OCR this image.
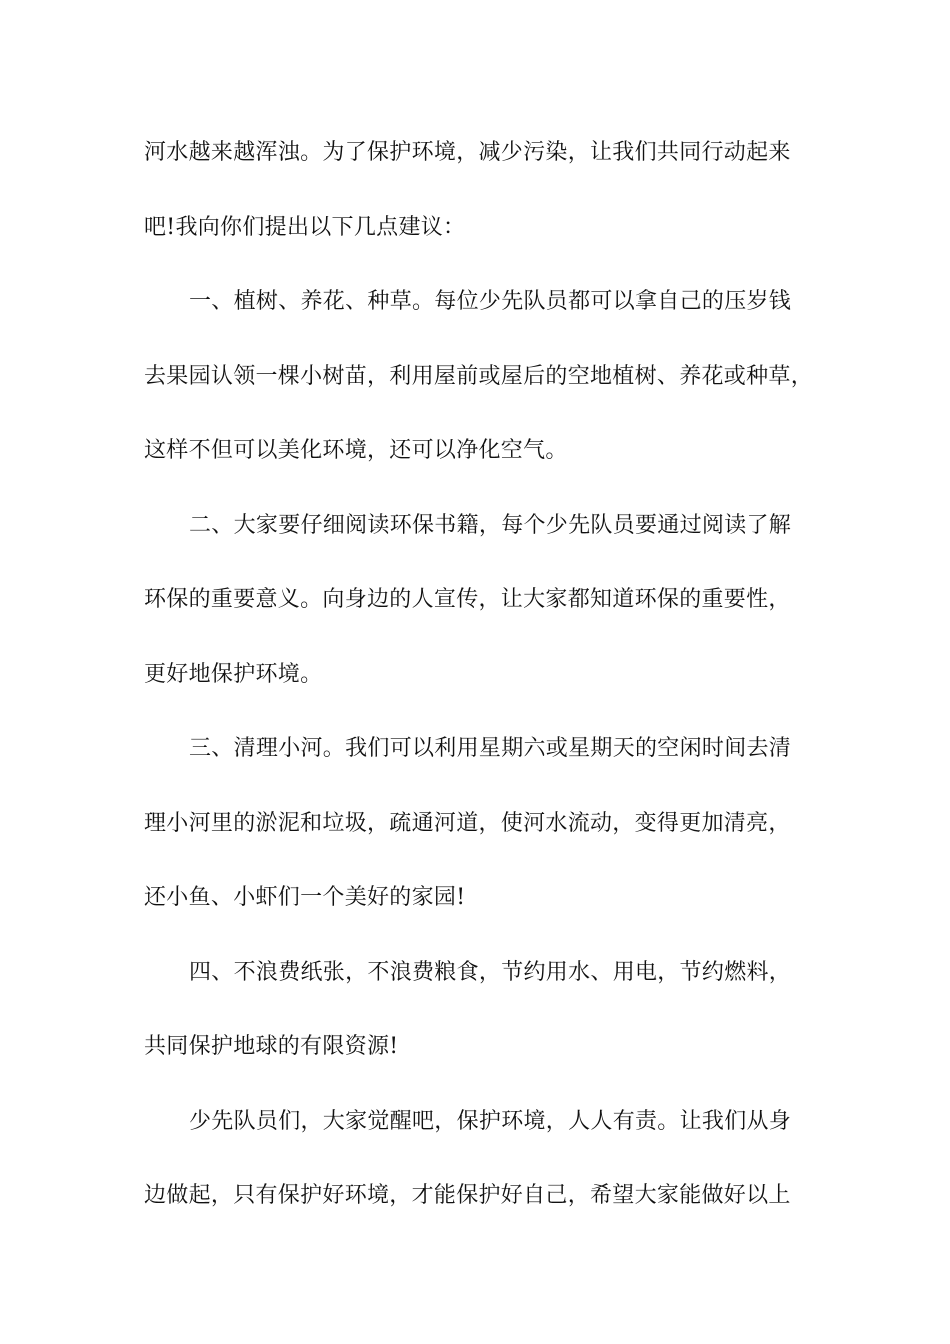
河水越来越浑浊。为了保护环境，减少污染，让我们共同行动起来
吧!我向你们提出以下几点建议：
一、植树、养花、种草。每位少先队员都可以拿自己的压岁钱
去果园认领一棵小树苗，利用屋前或屋后的空地植树、养花或种草，
这样不但可以美化环境，还可以净化空气。
二、大家要仔细阅读环保书籍，每个少先队员要通过阅读了解
环保的重要意义。向身边的人宣传，让大家都知道环保的重要性，
更好地保护环境。
三、清理小河。我们可以利用星期六或星期天的空闲时间去清
理小河里的淤泥和垃圾，疏通河道，使河水流动，变得更加清亮，
还小鱼、小虾们一个美好的家园!
四、不浪费纸张，不浪费粮食，节约用水、用电，节约燃料，
共同保护地球的有限资源!
少先队员们，大家觉醒吧，保护环境，人人有责。让我们从身
边做起，只有保护好环境，才能保护好自己，希望大家能做好以上
